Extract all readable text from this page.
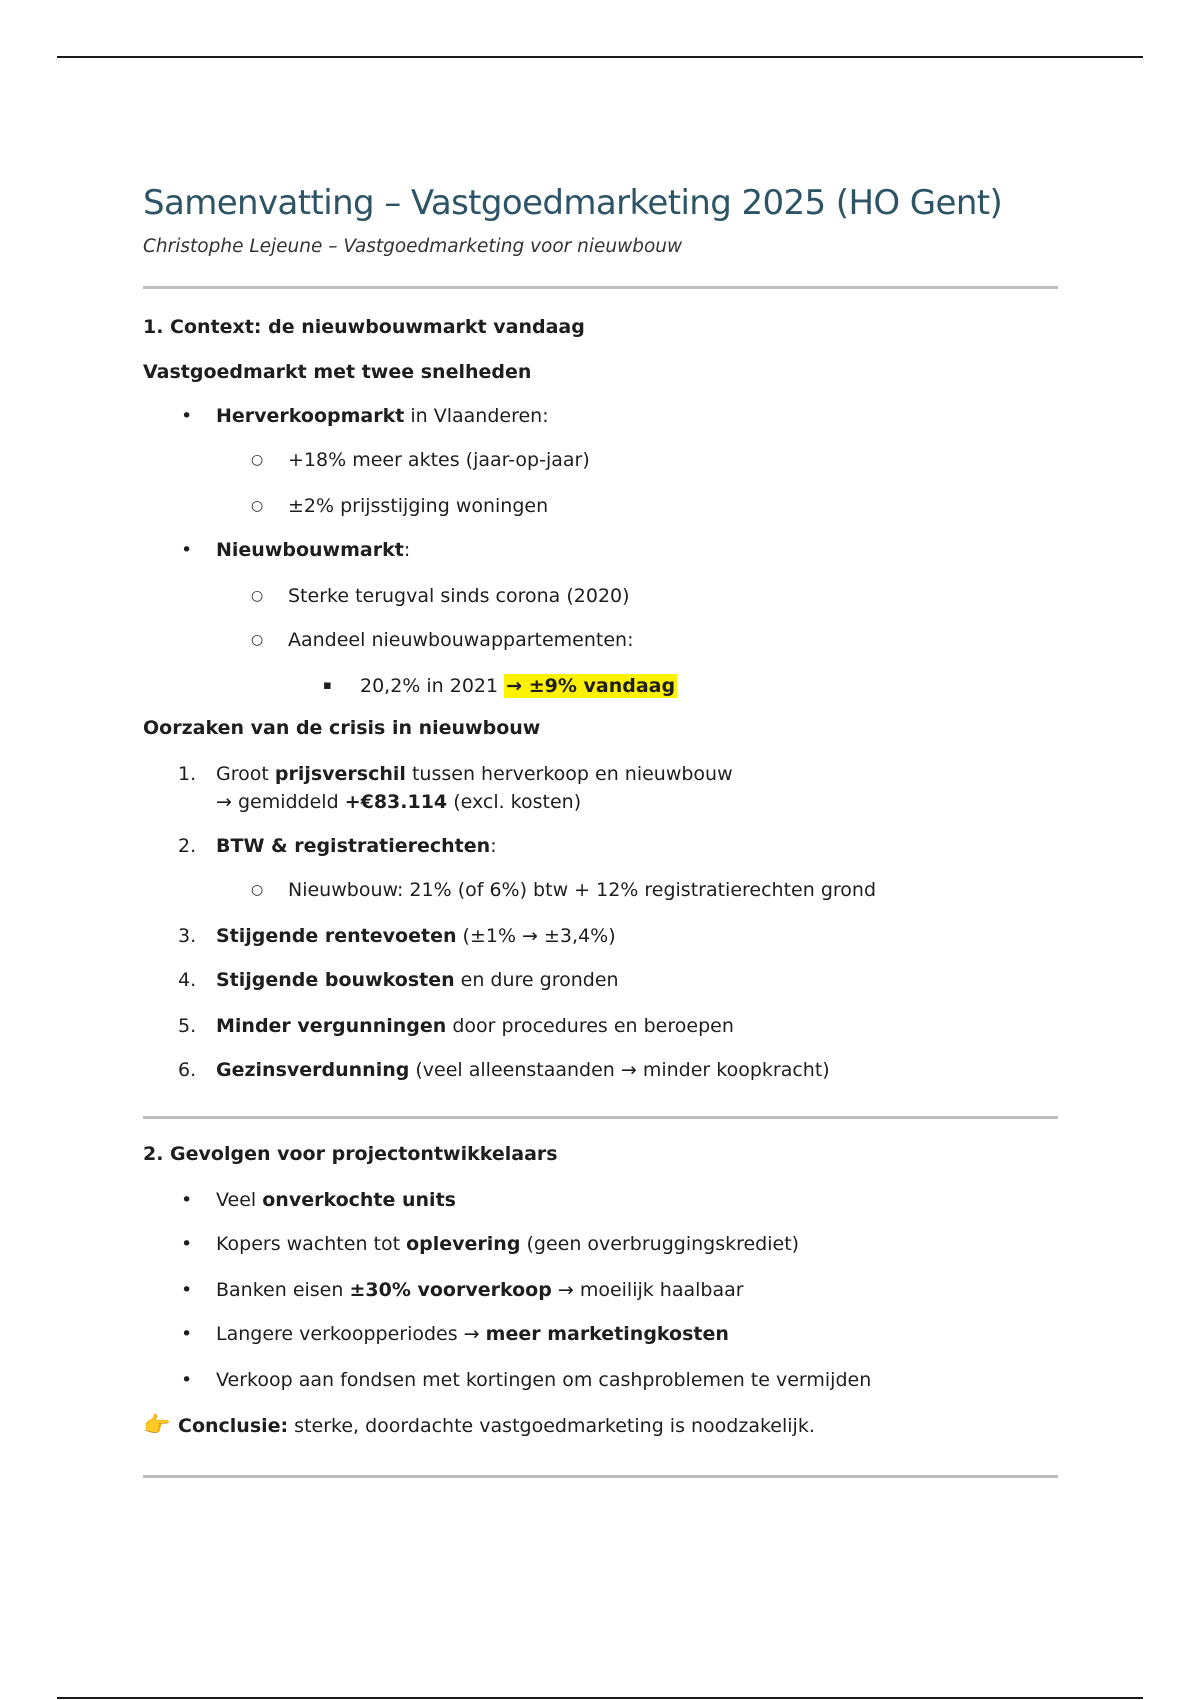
Samenvatting – Vastgoedmarketing 2025 (HO Gent)

Christophe Lejeune – Vastgoedmarketing voor nieuwbouw

1. Context: de nieuwbouwmarkt vandaag

Vastgoedmarkt met twee snelheden

• Herverkoopmarkt in Vlaanderen:
○ +18% meer aktes (jaar-op-jaar)
○ ±2% prijsstijging woningen
• Nieuwbouwmarkt:
○ Sterke terugval sinds corona (2020)
○ Aandeel nieuwbouwappartementen:
▪ 20,2% in 2021 → ±9% vandaag

Oorzaken van de crisis in nieuwbouw

1. Groot prijsverschil tussen herverkoop en nieuwbouw
→ gemiddeld +€83.114 (excl. kosten)
2. BTW & registratierechten:
○ Nieuwbouw: 21% (of 6%) btw + 12% registratierechten grond
3. Stijgende rentevoeten (±1% → ±3,4%)
4. Stijgende bouwkosten en dure gronden
5. Minder vergunningen door procedures en beroepen
6. Gezinsverdunning (veel alleenstaanden → minder koopkracht)

2. Gevolgen voor projectontwikkelaars

• Veel onverkochte units
• Kopers wachten tot oplevering (geen overbruggingskrediet)
• Banken eisen ±30% voorverkoop → moeilijk haalbaar
• Langere verkoopperiodes → meer marketingkosten
• Verkoop aan fondsen met kortingen om cashproblemen te vermijden

👉 Conclusie: sterke, doordachte vastgoedmarketing is noodzakelijk.
